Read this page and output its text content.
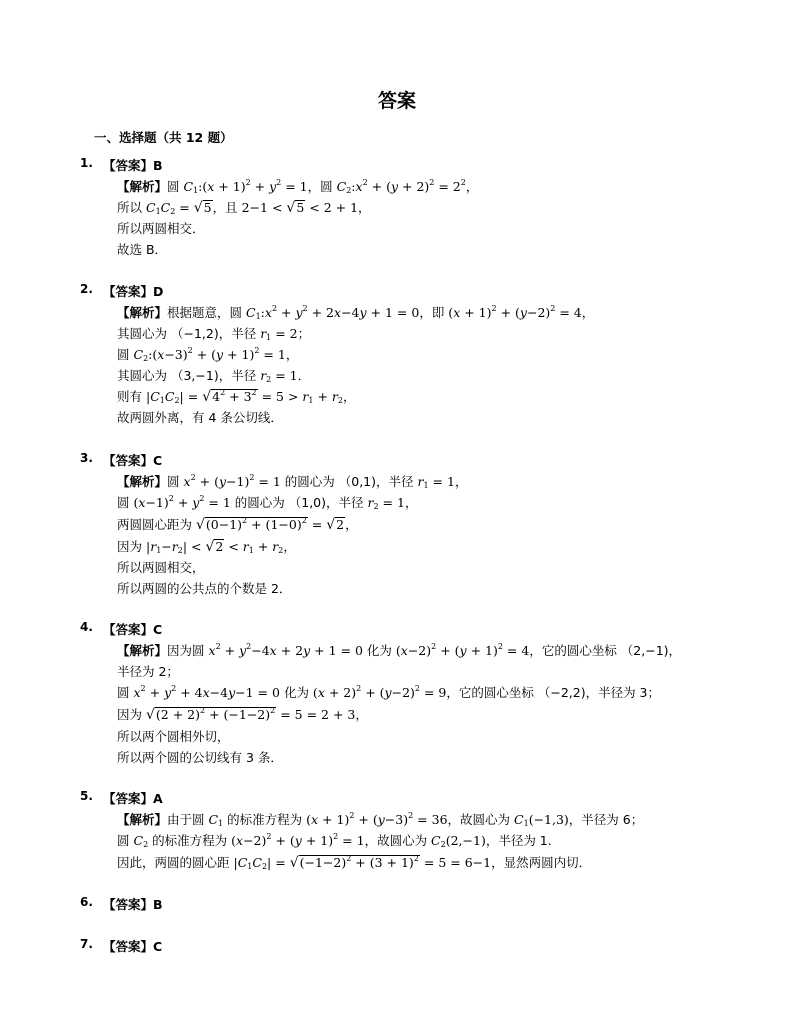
答案
一、选择题（共 12 题）
1. 【答案】B
【解析】圆 $C_1:(x + 1)^2 + y^2 = 1$，圆 $C_2:x^2 + (y + 2)^2 = 2^2$，
所以 $C_1C_2 = √5$，且 2−1 < √5 < 2 + 1，
所以两圆相交．
故选 B．
2. 【答案】D
【解析】根据题意，圆 $C_1:x^2 + y^2 + 2x-4y + 1 = 0$，即 $(x + 1)^2 + (y-2)^2 = 4$，
其圆心为 （−1,2)，半径 $r_1 = 2$；
圆 $C_2:(x-3)^2 + (y + 1)^2 = 1$，
其圆心为 （3,−1)，半径 $r_2 = 1$．
则有 $|C_1C_2| = √4^2 + 3^2 = 5 > r_1 + r_2$，
故两圆外离，有 4 条公切线．
3. 【答案】C
【解析】圆 $x^2 + (y-1)^2 = 1$ 的圆心为 （0,1)，半径 $r_1 = 1$，
圆 $(x-1)^2 + y^2 = 1$ 的圆心为 （1,0)，半径 $r_2 = 1$，
两圆圆心距为 $√(0-1)^2 + (1-0)^2 = √2$，
因为 $|r_1-r_2| < √2 < r_1 + r_2$，
所以两圆相交，
所以两圆的公共点的个数是 2．
4. 【答案】C
【解析】因为圆 $x^2 + y^2-4x + 2y + 1 = 0$ 化为 $(x-2)^2 + (y + 1)^2 = 4$，它的圆心坐标 （2,−1)，
半径为 2；
圆 $x^2 + y^2 + 4x-4y-1 = 0$ 化为 $(x + 2)^2 + (y-2)^2 = 9$，它的圆心坐标 （−2,2)，半径为 3；
因为 $√(2 + 2)^2 + (-1-2)^2 = 5 = 2 + 3$，
所以两个圆相外切，
所以两个圆的公切线有 3 条．
5. 【答案】A
【解析】由于圆 $C_1$ 的标准方程为 $(x + 1)^2 + (y-3)^2 = 36$，故圆心为 $C_1(-1,3)$，半径为 6；
圆 $C_2$ 的标准方程为 $(x-2)^2 + (y + 1)^2 = 1$，故圆心为 $C_2(2,-1)$，半径为 1.
因此，两圆的圆心距 $|C_1C_2| = √(-1-2)^2 + (3 + 1)^2 = 5 = 6-1$，显然两圆内切．
6. 【答案】B
7. 【答案】C
